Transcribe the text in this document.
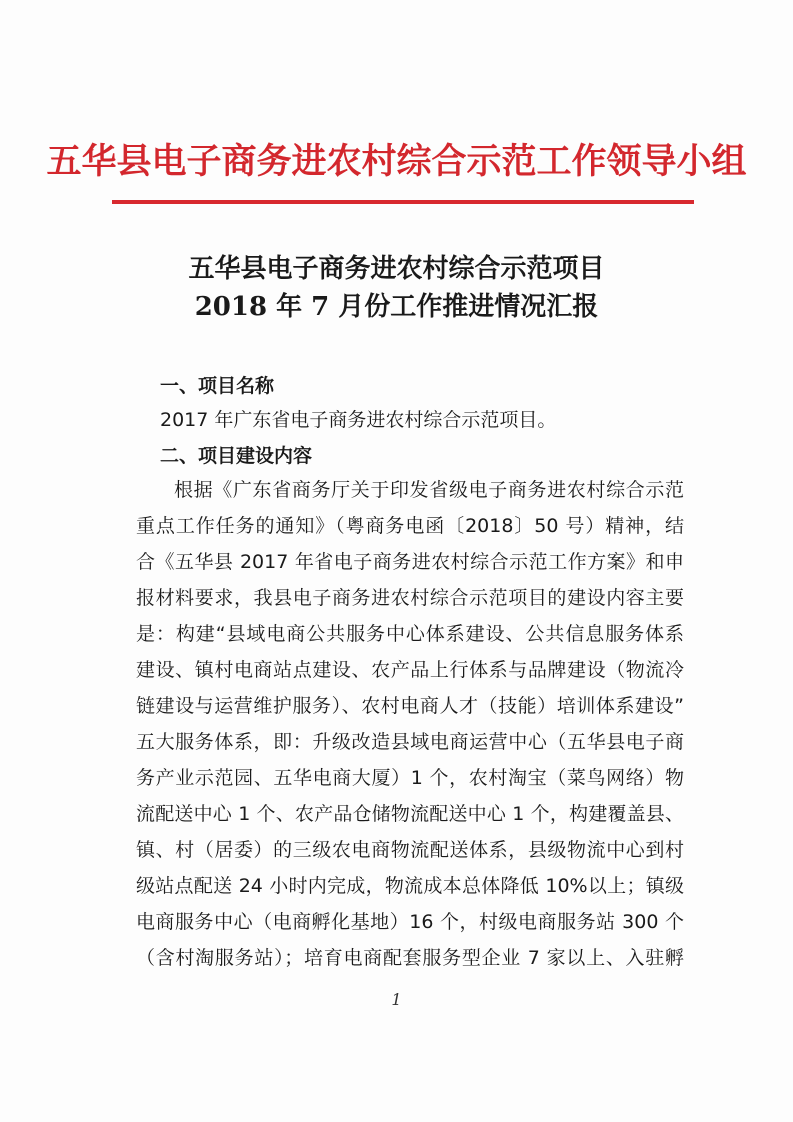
五华县电子商务进农村综合示范工作领导小组
五华县电子商务进农村综合示范项目
2018 年 7 月份工作推进情况汇报
一、项目名称
2017 年广东省电子商务进农村综合示范项目。
二、项目建设内容
根据《广东省商务厅关于印发省级电子商务进农村综合示范
重点工作任务的通知》（粤商务电函〔2018〕50 号）精神，结
合《五华县 2017 年省电子商务进农村综合示范工作方案》和申
报材料要求，我县电子商务进农村综合示范项目的建设内容主要
是：构建“县域电商公共服务中心体系建设、公共信息服务体系
建设、镇村电商站点建设、农产品上行体系与品牌建设（物流冷
链建设与运营维护服务）、农村电商人才（技能）培训体系建设”
五大服务体系，即：升级改造县域电商运营中心（五华县电子商
务产业示范园、五华电商大厦）1 个，农村淘宝（菜鸟网络）物
流配送中心 1 个、农产品仓储物流配送中心 1 个，构建覆盖县、
镇、村（居委）的三级农电商物流配送体系，县级物流中心到村
级站点配送 24 小时内完成，物流成本总体降低 10%以上；镇级
电商服务中心（电商孵化基地）16 个，村级电商服务站 300 个
（含村淘服务站）；培育电商配套服务型企业 7 家以上、入驻孵
1
